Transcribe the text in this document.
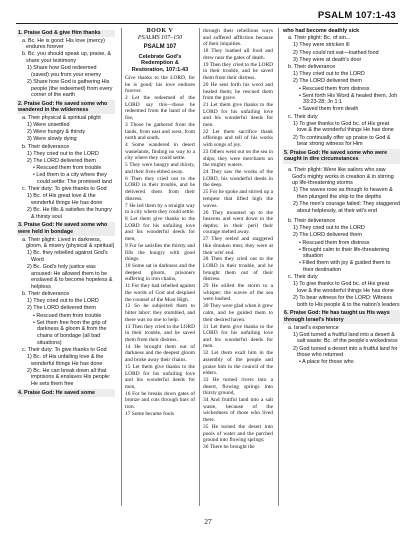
PSALM 107:1-43
1. Praise God & give Him thanks
a. Bc. He is good: His love (mercy) endures forever
b. Bc. you should speak up, praise, & share your testimony
1) Share how God redeemed (saved) you from your enemy
2) Share how God is gathering His people (the redeemed) from every corner of the earth
2. Praise God: He saved some who wandered in the wilderness
a. Their physical & spiritual plight
1) Were unsettled
2) Were hungry & thirsty
3) Were slowly dying
b. Their deliverance
1) They cried out to the LORD
2) The LORD delivered them
• Rescued them from trouble
• Led them to a city where they could settle: The promised land
c. Their duty: To give thanks to God
1) Bc. of His great love & the wonderful things He has done
2) Bc. He fills & satisfies the hungry & thirsty soul
3. Praise God: He saved some who were held in bondage
a. Their plight: Lived in darkness, gloom, & misery (physical & spiritual)
1) Bc. they rebelled against God's Word
2) Bc. God's holy justice was aroused: He allowed them to be enslaved & to become hopeless & helpless
b. Their deliverance
1) They cried out to the LORD
2) The LORD delivered them
• Rescued them from trouble
• Set them free from the grip of darkness & gloom & from the chains of bondage (all bad situations)
c. Their duty: To give thanks to God
1) Bc. of His unfailing love & the wonderful things He has done
2) Bc. He can break down all that imprisons & enslaves His people: He sets them free
4. Praise God: He saved some
BOOK V
PSALMS 107–150
PSALM 107
Celebrate God's Redemption & Restoration, 107:1-43
Give thanks to the LORD, for he is good; his love endures forever.
2 Let the redeemed of the LORD say this—those he redeemed from the hand of the foe,
3 Those he gathered from the lands, from east and west, from north and south.
4 Some wandered in desert wastelands, finding no way to a city where they could settle.
5 They were hungry and thirsty, and their lives ebbed away.
6 Then they cried out to the LORD in their trouble, and he delivered them from their distress.
7 He led them by a straight way to a city where they could settle.
8 Let them give thanks to the LORD for his unfailing love and his wonderful deeds for men,
9 For he satisfies the thirsty and fills the hungry with good things.
10 Some sat in darkness and the deepest gloom, prisoners suffering in iron chains,
11 For they had rebelled against the words of God and despised the counsel of the Most High.
12 So he subjected them to bitter labor; they stumbled, and there was no one to help.
13 Then they cried to the LORD in their trouble, and he saved them from their distress.
14 He brought them out of darkness and the deepest gloom and broke away their chains.
15 Let them give thanks to the LORD for his unfailing love and his wonderful deeds for men,
16 For he breaks down gates of bronze and cuts through bars of iron.
17 Some became fools
through their rebellious ways and suffered affliction because of their iniquities.
18 They loathed all food and drew near the gates of death.
19 Then they cried to the LORD in their trouble, and he saved them from their distress.
20 He sent forth his word and healed them; he rescued them from the grave.
21 Let them give thanks to the LORD for his unfailing love and his wonderful deeds for men.
22 Let them sacrifice thank offerings and tell of his works with songs of joy.
23 Others went out on the sea in ships; they were merchants on the mighty waters.
24 They saw the works of the LORD, his wonderful deeds in the deep.
25 For he spoke and stirred up a tempest that lifted high the waves.
26 They mounted up to the heavens and went down to the depths; in their peril their courage melted away.
27 They reeled and staggered like drunken men; they were at their wits' end.
28 Then they cried out to the LORD in their trouble, and he brought them out of their distress.
29 He stilled the storm to a whisper; the waves of the sea were hushed.
30 They were glad when it grew calm, and he guided them to their desired haven.
31 Let them give thanks to the LORD for his unfailing love and his wonderful deeds for men.
32 Let them exalt him in the assembly of the people and praise him in the council of the elders.
33 He turned rivers into a desert, flowing springs into thirsty ground,
34 And fruitful land into a salt waste, because of the wickedness of those who lived there.
35 He turned the desert into pools of water and the parched ground into flowing springs;
36 There he brought the
who had become deathly sick
a. Their plight: Bc. of sin...
1) They were stricken ill
2) They could not eat—loathed food
3) They were at death's door
b. Their deliverance
1) They cried out to the LORD
2) The LORD delivered them
• Rescued them from distress
• Sent forth His Word & healed them, Joh 33:23-28; Jn 1:1
• Saved them from death
c. Their duty
1) To give thanks to God bc. of His great love & the wonderful things He has done
2) To continually offer up praise to God & bear strong witness for Him
5. Praise God: He saved some who were caught in dire circumstances
a. Their plight: Were like sailors who saw God's mighty works in creation & in stirring up life-threatening storms
1) The waves rose as though to heaven & then plunged the ship to the depths
2) The men's courage failed: They staggered about helplessly, at their wit's end
b. Their deliverance
1) They cried out to the LORD
2) The LORD delivered them
• Rescued them from distress
• Brought calm to their life-threatening situation
• Filled them with joy & guided them to their destination
c. Their duty
1) To give thanks to God bc. of His great love & the wonderful things He has done
2) To bear witness for the LORD: Witness both to His people & to the nation's leaders
6. Praise God: He has taught us His ways through Israel's history
a. Israel's experience
1) God turned a fruitful land into a desert & salt waste: Bc. of the people's wickedness
2) God turned a desert into a fruitful land for those who returned
• A place for those who
27
